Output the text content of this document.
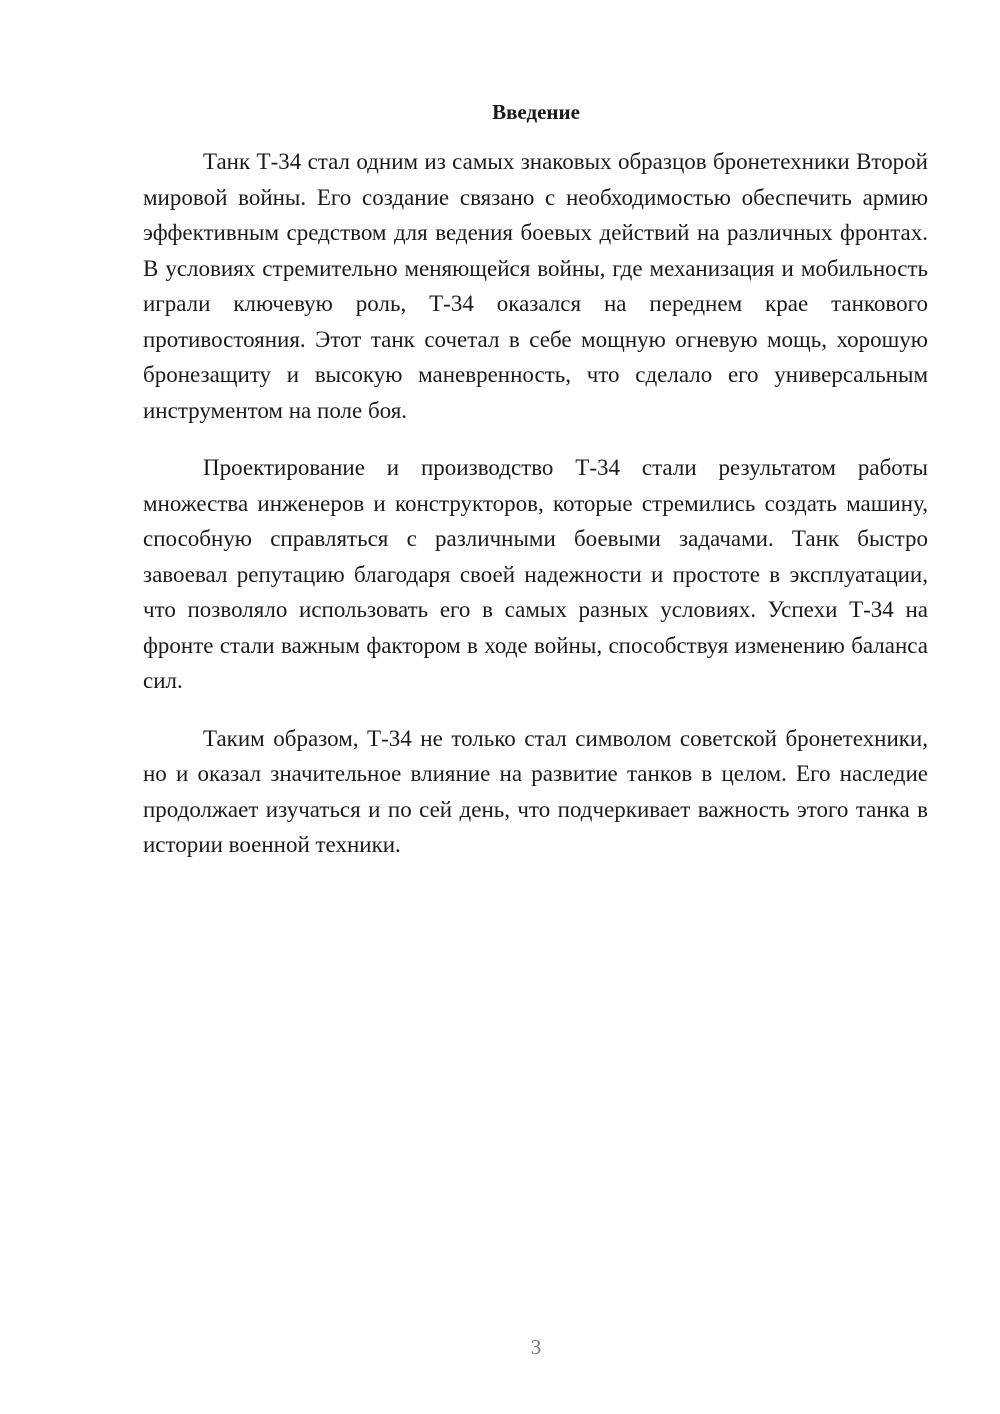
Введение

Танк Т-34 стал одним из самых знаковых образцов бронетехники Второй мировой войны. Его создание связано с необходимостью обеспечить армию эффективным средством для ведения боевых действий на различных фронтах. В условиях стремительно меняющейся войны, где механизация и мобильность играли ключевую роль, Т-34 оказался на переднем крае танкового противостояния. Этот танк сочетал в себе мощную огневую мощь, хорошую бронезащиту и высокую маневренность, что сделало его универсальным инструментом на поле боя.

Проектирование и производство Т-34 стали результатом работы множества инженеров и конструкторов, которые стремились создать машину, способную справляться с различными боевыми задачами. Танк быстро завоевал репутацию благодаря своей надежности и простоте в эксплуатации, что позволяло использовать его в самых разных условиях. Успехи Т-34 на фронте стали важным фактором в ходе войны, способствуя изменению баланса сил.

Таким образом, Т-34 не только стал символом советской бронетехники, но и оказал значительное влияние на развитие танков в целом. Его наследие продолжает изучаться и по сей день, что подчеркивает важность этого танка в истории военной техники.

3
